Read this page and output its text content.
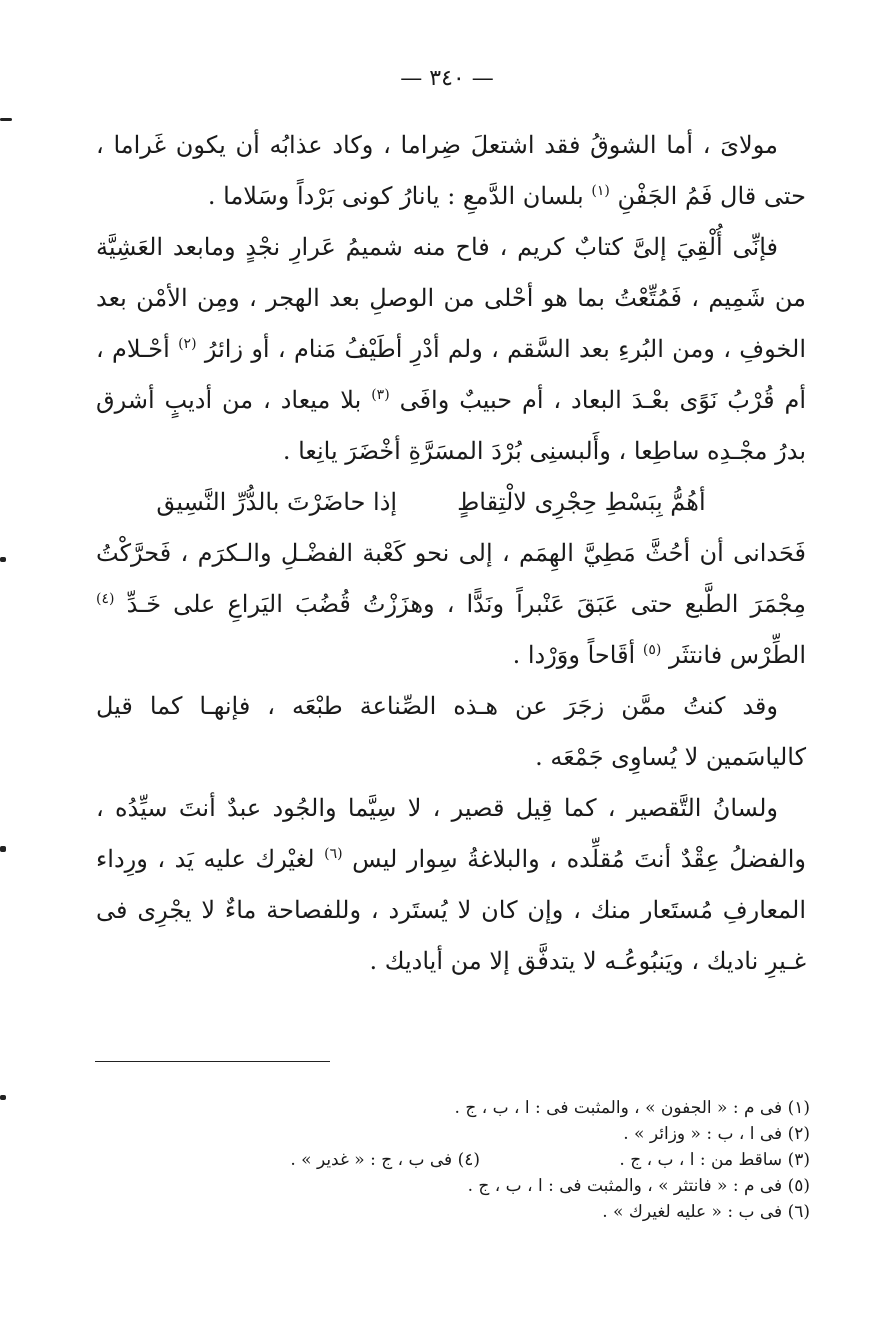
— ٣٤٠ —

مولاىَ ، أما الشوقُ فقد اشتعلَ ضِراما ، وكاد عذابُه أن يكون غَراما ، حتى قال فَمُ الجَفْنِ $^{(١)}$ بلسان الدَّمعِ : يانارُ كونى بَرْداً وسَلاما .

فإنِّى أُلْقِيَ إلىَّ كتابٌ كريم ، فاح منه شميمُ عَرارِ نجْدٍ ومابعد العَشِيَّة من شَمِيم ، فَمُتِّعْتُ بما هو أحْلى من الوصلِ بعد الهجر ، ومِن الأمْن بعد الخوفِ ، ومن البُرءِ بعد السَّقم ، ولم أدْرِ أطَيْفُ مَنام ، أو زائرُ $^{(٢)}$ أحْـلام ، أم قُرْبُ نَوًى بعْـدَ البعاد ، أم حبيبٌ وافَى $^{(٣)}$ بلا ميعاد ، من أديبٍ أشرق بدرُ مجْـدِه ساطِعا ، وأَلبسنِى بُرْدَ المسَرَّةِ أخْضَرَ يانِعا .

أهُمُّ بِبَسْطِ حِجْرِى لالْتِقاطٍ
إذا حاضَرْتَ بالدُّرِّ النَّسِيق

فَحَدانى أن أحُثَّ مَطِيَّ الهِمَم ، إلى نحو كَعْبة الفضْـلِ والـكرَم ، فَحرَّكْتُ مِجْمَرَ الطَّبع حتى عَبَقَ عَنْبراً ونَدًّا ، وهزَزْتُ قُضُبَ اليَراعِ على خَـدِّ $^{(٤)}$ الطِّرْس فانتثَر $^{(٥)}$ أقَاحاً ووَرْدا .

وقد كنتُ ممَّن زجَرَ عن هـذه الصِّناعة طبْعَه ، فإنهـا كما قيل كالياسَمين لا يُساوِى جَمْعَه .

ولسانُ التَّقصير ، كما قِيل قصير ، لا سِيَّما والجُود عبدٌ أنتَ سيِّدُه ، والفضلُ عِقْدٌ أنتَ مُقلِّده ، والبلاغةُ سِوار ليس $^{(٦)}$ لغيْرك عليه يَد ، ورِداء المعارفِ مُستَعار منك ، وإن كان لا يُستَرد ، وللفصاحة ماءٌ لا يجْرِى فى غـيرِ ناديك ، ويَنبُوعُـه لا يتدفَّق إلا من أياديك .

(١) فى م : « الجفون » ، والمثبت فى : ا ، ب ، ج .
(٢) فى ا ، ب : « وزائر » .
(٣) ساقط من : ا ، ب ، ج .
(٤) فى ب ، ج : « غدير » .
(٥) فى م : « فانتثر » ، والمثبت فى : ا ، ب ، ج .
(٦) فى ب : « عليه لغيرك » .
